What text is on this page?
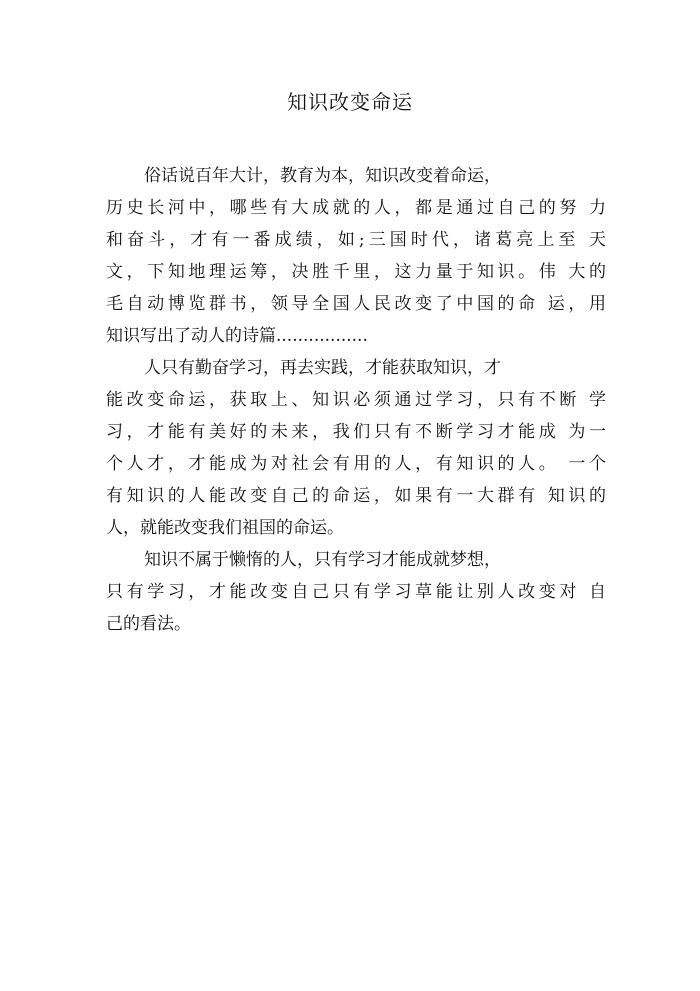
知识改变命运
俗话说百年大计，教育为本，知识改变着命运，
历史长河中，哪些有大成就的人，都是通过自己的努 力
和奋斗，才有一番成绩，如;三国时代，诸葛亮上至 天
文，下知地理运筹，决胜千里，这力量于知识。伟 大的
毛自动博览群书，领导全国人民改变了中国的命 运，用
知识写出了动人的诗篇.................
人只有勤奋学习，再去实践，才能获取知识，才
能改变命运，获取上、知识必须通过学习，只有不断 学
习，才能有美好的未来，我们只有不断学习才能成 为一
个人才，才能成为对社会有用的人，有知识的人。 一个
有知识的人能改变自己的命运，如果有一大群有 知识的
人，就能改变我们祖国的命运。
知识不属于懒惰的人，只有学习才能成就梦想，
只有学习，才能改变自己只有学习草能让别人改变对 自
己的看法。
